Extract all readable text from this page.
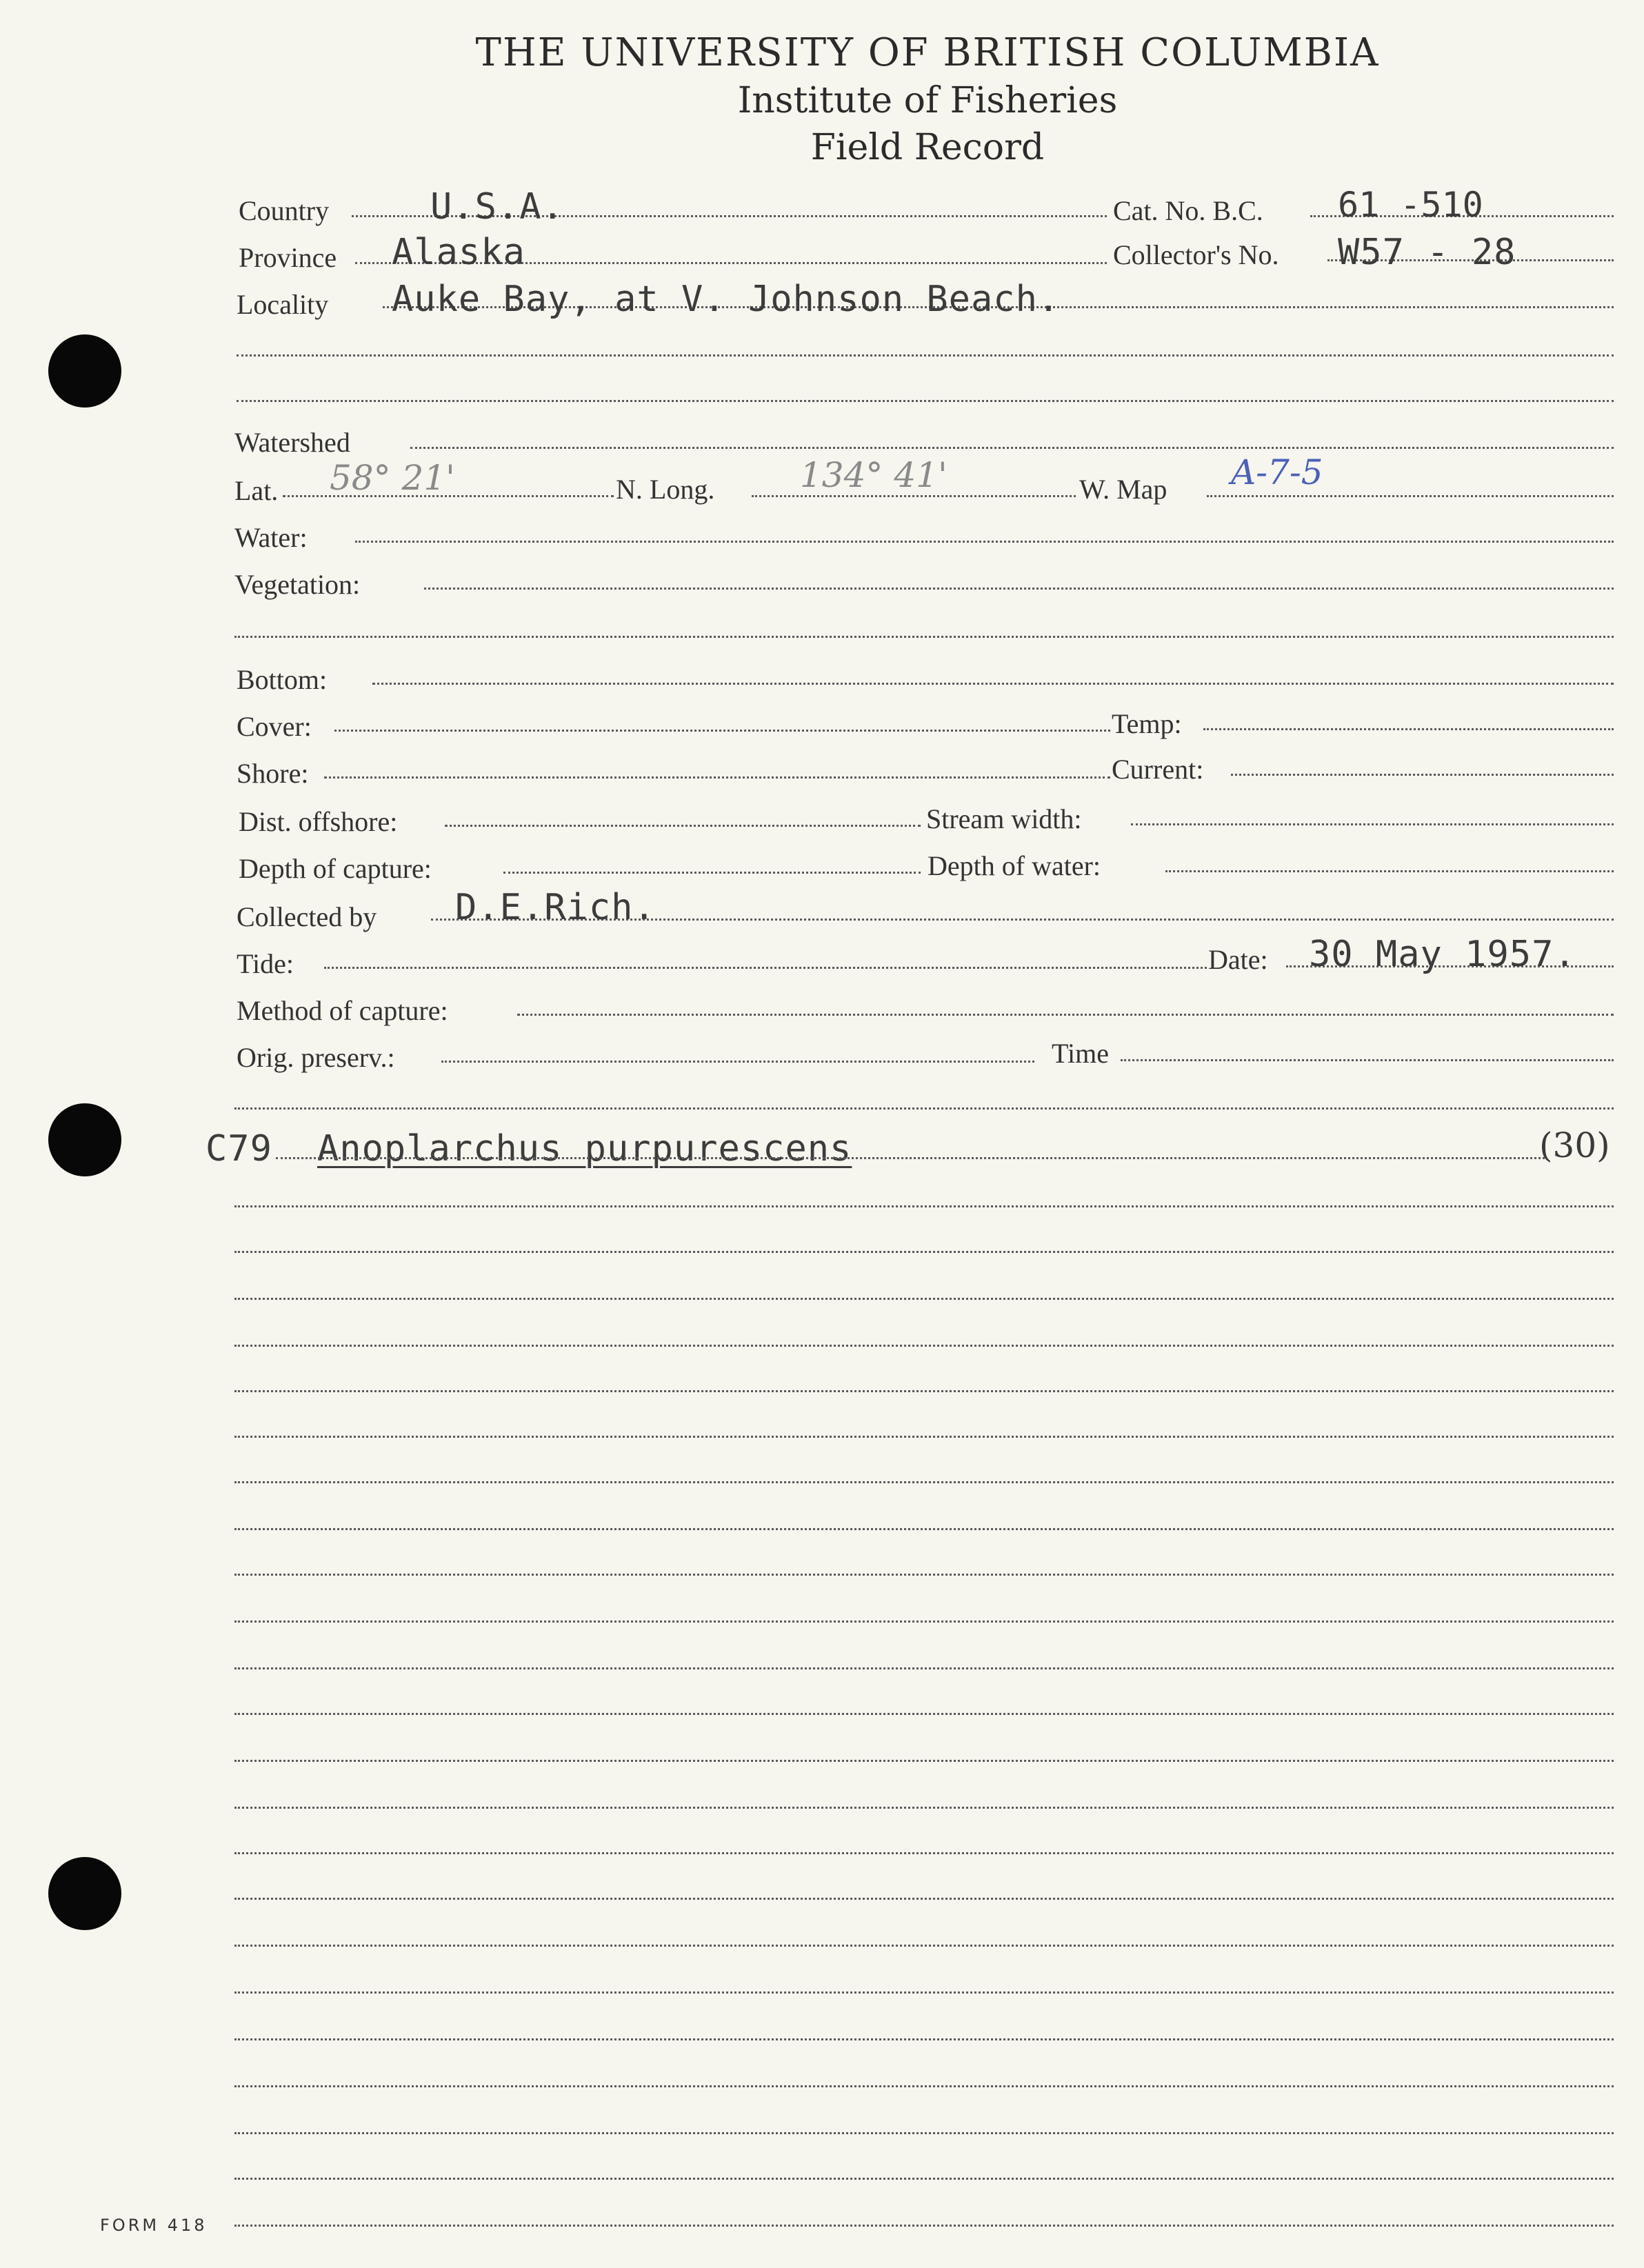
THE UNIVERSITY OF BRITISH COLUMBIA
Institute of Fisheries
Field Record
Country	U.S.A.	Cat. No. B.C. 61 -510
Province Alaska	Collector's No. W57 - 28
Locality Auke Bay, at V. Johnson Beach.
Watershed
Lat. 58° 21'	N. Long. 134° 41'	W. Map A-7-5
Water:
Vegetation:
Bottom:
Cover:	Temp:
Shore:	Current:
Dist. offshore:	Stream width:
Depth of capture:	Depth of water:
Collected by D.E.Rich.
Tide:	Date: 30 May 1957.
Method of capture:
Orig. preserv.:	Time
C79 Anoplarchus purpurescens	(30)
FORM 418
